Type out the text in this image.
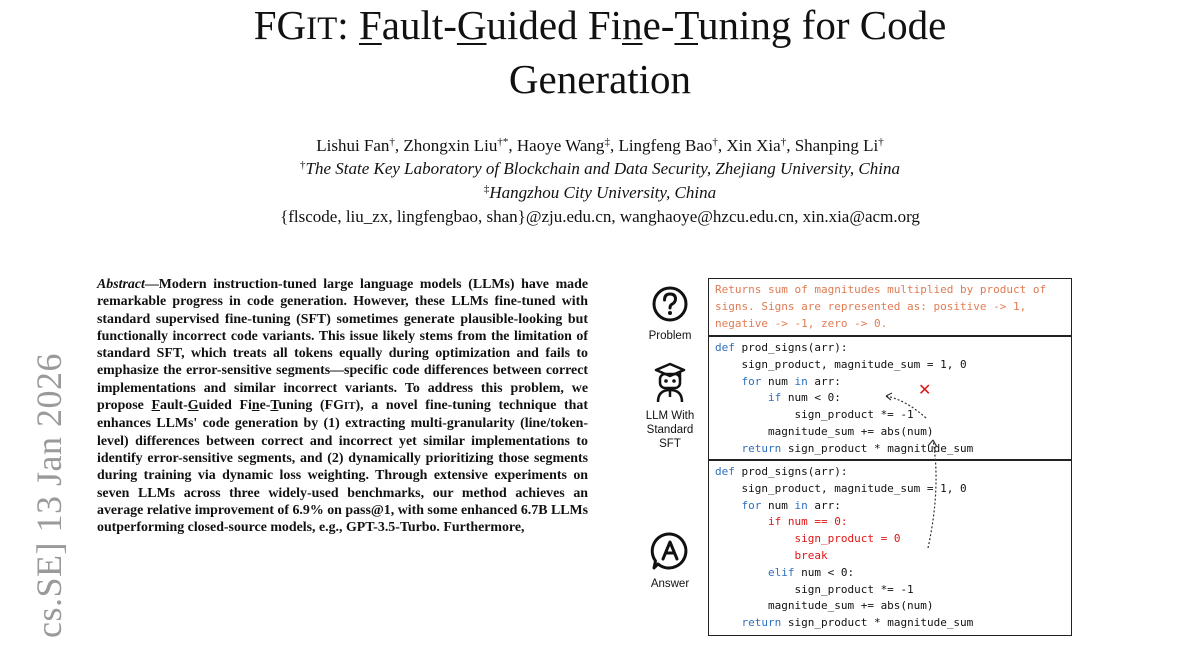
FGIT: Fault-Guided Fine-Tuning for Code
Generation
Lishui Fan†, Zhongxin Liu†*, Haoye Wang‡, Lingfeng Bao†, Xin Xia†, Shanping Li†
†The State Key Laboratory of Blockchain and Data Security, Zhejiang University, China
‡Hangzhou City University, China
{flscode, liu_zx, lingfengbao, shan}@zju.edu.cn, wanghaoye@hzcu.edu.cn, xin.xia@acm.org
cs.SE] 13 Jan 2026

Abstract—Modern instruction-tuned large language models (LLMs) have made remarkable progress in code generation. However, these LLMs fine-tuned with standard supervised fine-tuning (SFT) sometimes generate plausible-looking but functionally incorrect code variants. This issue likely stems from the limitation of standard SFT, which treats all tokens equally during optimization and fails to emphasize the error-sensitive segments—specific code differences between correct implementations and similar incorrect variants. To address this problem, we propose Fault-Guided Fine-Tuning (FGIT), a novel fine-tuning technique that enhances LLMs' code generation by (1) extracting multi-granularity (line/token-level) differences between correct and incorrect yet similar implementations to identify error-sensitive segments, and (2) dynamically prioritizing those segments during training via dynamic loss weighting. Through extensive experiments on seven LLMs across three widely-used benchmarks, our method achieves an average relative improvement of 6.9% on pass@1, with some enhanced 6.7B LLMs outperforming closed-source models, e.g., GPT-3.5-Turbo. Furthermore,

Problem
LLM With
Standard SFT
Answer
Returns sum of magnitudes multiplied by product of signs. Signs are represented as: positive -> 1, negative -> -1, zero -> 0.
def prod_signs(arr):
sign_product, magnitude_sum = 1, 0
for num in arr:
if num < 0:
sign_product *= -1
magnitude_sum += abs(num)
return sign_product * magnitude_sum
def prod_signs(arr):
sign_product, magnitude_sum = 1, 0
for num in arr:
if num == 0:
sign_product = 0
break
elif num < 0:
sign_product *= -1
magnitude_sum += abs(num)
return sign_product * magnitude_sum
✕
